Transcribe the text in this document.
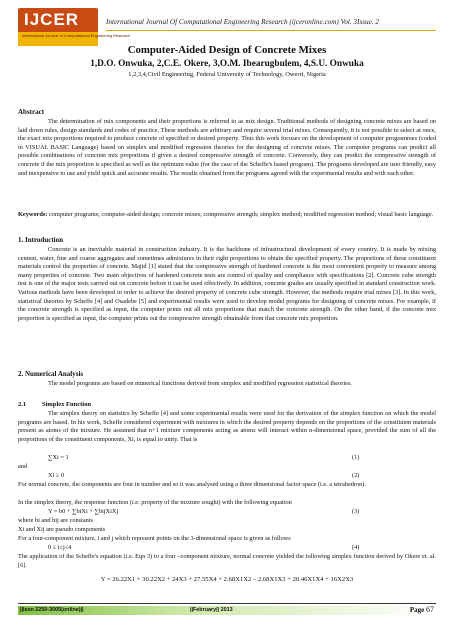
IJCER
International Journal of Computational Engineering Research
International Journal Of Computational Engineering Research (ijceronline.com) Vol. 3Issue. 2
Computer-Aided Design of Concrete Mixes
1,D.O. Onwuka, 2,C.E. Okere, 3,O.M. Ibearugbulem, 4,S.U. Onwuka
1,2,3,4,Civil Engineering, Federal University of Technology, Owerri, Nigeria
Abstract
The determination of mix components and their proportions is referred to as mix design. Traditional methods of designing concrete mixes are based on laid down rules, design standards and codes of practice. These methods are arbitrary and require several trial mixes. Consequently, it is not possible to select at once, the exact mix proportions required to produce concrete of specified or desired property. Thus this work focuses on the development of computer programmes (coded in VISUAL BASIC Language) based on simplex and modified regression theories for the designing of concrete mixes. The computer programs can predict all possible combinations of concrete mix proportions if given a desired compressive strength of concrete. Conversely, they can predict the compressive strength of concrete if the mix proportion is specified as well as the optimum value (for the case of the Scheffe's based program). The programs developed are user friendly, easy and inexpensive to use and yield quick and accurate results. The results obtained from the programs agreed with the experimental results and with each other.
Keywords: computer programs; computer-aided design; concrete mixes; compressive strength; simplex method; modified regression method; visual basic language.
1. Introduction
Concrete is an inevitable material in construction industry. It is the backbone of infrastructural development of every country. It is made by mixing cement, water, fine and coarse aggregates and sometimes admixtures in their right proportions to obtain the specified property. The proportions of these constituent materials control the properties of concrete. Majid [1] stated that the compressive strength of hardened concrete is the most convenient property to measure among many properties of concrete. Two main objectives of hardened concrete tests are control of quality and compliance with specifications [2]. Concrete cube strength test is one of the major tests carried out on concrete before it can be used effectively. In addition, concrete grades are usually specified in standard construction work. Various methods have been developed in order to achieve the desired property of concrete cube strength. However, the methods require trial mixes [3]. In this work, statistical theories by Scheffe [4] and Osadebe [5] and experimental results were used to develop model programs for designing of concrete mixes. For example, if the concrete strength is specified as input, the computer prints out all mix proportions that match the concrete strength. On the other hand, if the concrete mix proportion is specified as input, the computer prints out the compressive strength obtainable from that concrete mix proportion.
2. Numerical Analysis
The model programs are based on numerical functions derived from simplex and modified regression statistical theories.
2.1 Simplex Function
The simplex theory on statistics by Scheffe [4] and some experimental results were used for the derivation of the simplex function on which the model programs are based. In his work, Scheffe considered experiment with mixtures in which the desired property depends on the proportions of the constituent materials present as atoms of the mixture. He assumed that n+1 mixture components acting as atoms will interact within n-dimensional space, provided the sum of all the proportions of the constituent components, Xi, is equal to unity. That is
∑Xi = 1	(1)
and
Xi ≥ 0	(2)
For normal concrete, the components are four in number and so it was analysed using a three dimensional factor space (i.e. a tetrahedron).
In the simplex theory, the response function (i.e: property of the mixture sought) with the following equation
Y = b0 + ∑biXi + ∑bijXiXj	(3)
where bi and bij are constants
Xi and Xij are pseudo components
For a four-component mixture, i and j which represent points on the 3-dimensional space is given as follows
0 ≤ i≤j≤4	(4)
The application of the Scheffe's equation (i.e. Eqn 3) to a four –component mixture, normal concrete yielded the following simplex function derived by Okere et. al. [6].
Y = 26.22X1 + 30.22X2 + 24X3 + 27.55X4 + 2.68X1X2 – 2.68X1X3 + 20.46X1X4 + 16X2X3
||Issn 2250-3005(online)||	||February|| 2013	Page 67
